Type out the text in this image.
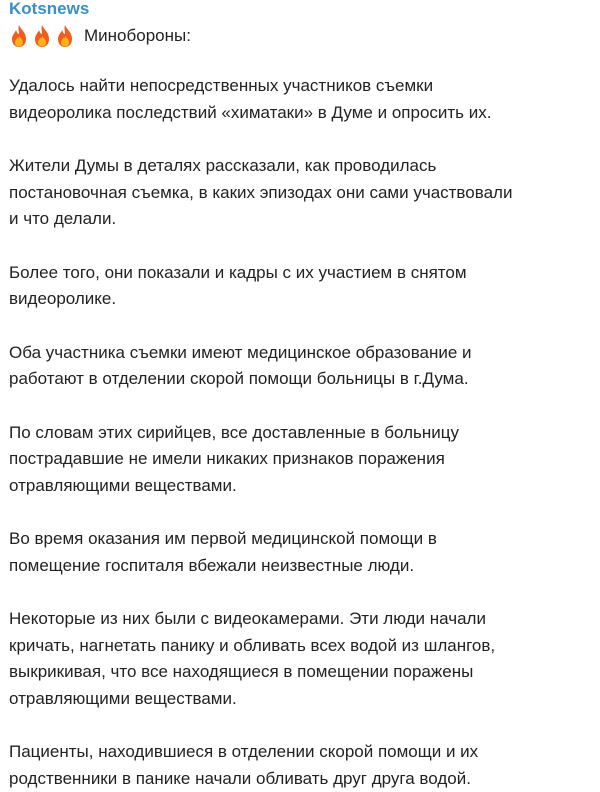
Kotsnews
Минобороны:

Удалось найти непосредственных участников съемки
видеоролика последствий «химатаки» в Думе и опросить их.

Жители Думы в деталях рассказали, как проводилась
постановочная съемка, в каких эпизодах они сами участвовали
и что делали.

Более того, они показали и кадры с их участием в снятом
видеоролике.

Оба участника съемки имеют медицинское образование и
работают в отделении скорой помощи больницы в г.Дума.

По словам этих сирийцев, все доставленные в больницу
пострадавшие не имели никаких признаков поражения
отравляющими веществами.

Во время оказания им первой медицинской помощи в
помещение госпиталя вбежали неизвестные люди.

Некоторые из них были с видеокамерами. Эти люди начали
кричать, нагнетать панику и обливать всех водой из шлангов,
выкрикивая, что все находящиеся в помещении поражены
отравляющими веществами.

Пациенты, находившиеся в отделении скорой помощи и их
родственники в панике начали обливать друг друга водой.
